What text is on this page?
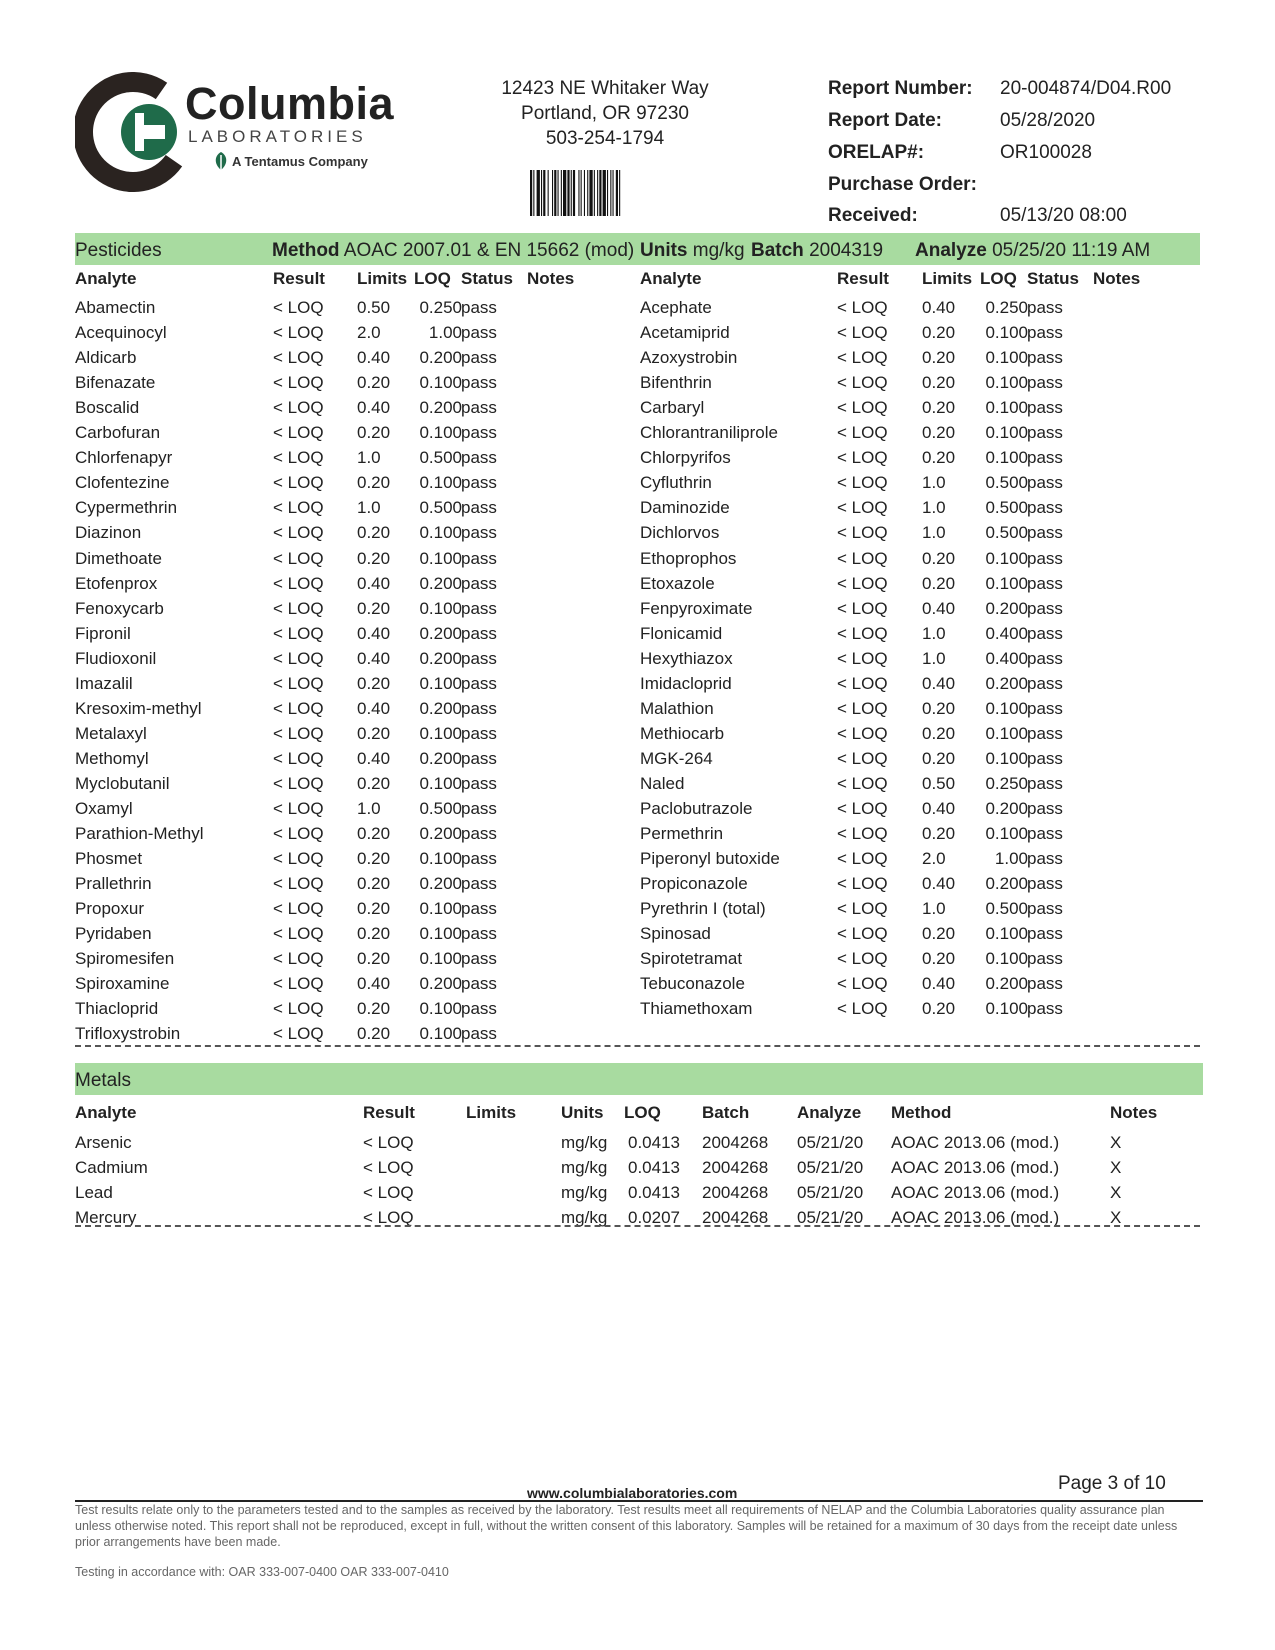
Columbia
LABORATORIES
A Tentamus Company
12423 NE Whitaker Way
Portland, OR 97230
503-254-1794
Report Number: 20-004874/D04.R00
Report Date:	05/28/2020
ORELAP#:	OR100028
Purchase Order:
Received:	05/13/20 08:00
Pesticides	Method AOAC 2007.01 & EN 15662 (mod) Units mg/kg Batch 2004319 Analyze 05/25/20 11:19 AM
Analyte	Result Limits LOQ Status Notes	Analyte	Result Limits LOQ Status Notes
Abamectin	< LOQ 0.50	0.250 pass
Acequinocyl	< LOQ 2.0	1.00 pass
Aldicarb	< LOQ 0.40	0.200 pass
Bifenazate	< LOQ 0.20	0.100 pass
Boscalid	< LOQ 0.40	0.200 pass
Carbofuran	< LOQ 0.20	0.100 pass
Chlorfenapyr	< LOQ 1.0	0.500 pass
Clofentezine	< LOQ 0.20	0.100 pass
Cypermethrin	< LOQ 1.0	0.500 pass
Diazinon	< LOQ 0.20	0.100 pass
Dimethoate	< LOQ 0.20	0.100 pass
Etofenprox	< LOQ 0.40	0.200 pass
Fenoxycarb	< LOQ 0.20	0.100 pass
Fipronil	< LOQ 0.40	0.200 pass
Fludioxonil	< LOQ 0.40	0.200 pass
Imazalil	< LOQ 0.20	0.100 pass
Kresoxim-methyl	< LOQ 0.40	0.200 pass
Metalaxyl	< LOQ 0.20	0.100 pass
Methomyl	< LOQ 0.40	0.200 pass
Myclobutanil	< LOQ 0.20	0.100 pass
Oxamyl	< LOQ 1.0	0.500 pass
Parathion-Methyl	< LOQ 0.20	0.200 pass
Phosmet	< LOQ 0.20	0.100 pass
Prallethrin	< LOQ 0.20	0.200 pass
Propoxur	< LOQ 0.20	0.100 pass
Pyridaben	< LOQ 0.20	0.100 pass
Spiromesifen	< LOQ 0.20	0.100 pass
Spiroxamine	< LOQ 0.40	0.200 pass
Thiacloprid	< LOQ 0.20	0.100 pass
Trifloxystrobin	< LOQ 0.20	0.100 pass
Acephate	< LOQ 0.40	0.250 pass
Acetamiprid	< LOQ 0.20	0.100 pass
Azoxystrobin	< LOQ 0.20	0.100 pass
Bifenthrin	< LOQ 0.20	0.100 pass
Carbaryl	< LOQ 0.20	0.100 pass
Chlorantraniliprole	< LOQ 0.20	0.100 pass
Chlorpyrifos	< LOQ 0.20	0.100 pass
Cyfluthrin	< LOQ 1.0	0.500 pass
Daminozide	< LOQ 1.0	0.500 pass
Dichlorvos	< LOQ 1.0	0.500 pass
Ethoprophos	< LOQ 0.20	0.100 pass
Etoxazole	< LOQ 0.20	0.100 pass
Fenpyroximate	< LOQ 0.40	0.200 pass
Flonicamid	< LOQ 1.0	0.400 pass
Hexythiazox	< LOQ 1.0	0.400 pass
Imidacloprid	< LOQ 0.40	0.200 pass
Malathion	< LOQ 0.20	0.100 pass
Methiocarb	< LOQ 0.20	0.100 pass
MGK-264	< LOQ 0.20	0.100 pass
Naled	< LOQ 0.50	0.250 pass
Paclobutrazole	< LOQ 0.40	0.200 pass
Permethrin	< LOQ 0.20	0.100 pass
Piperonyl butoxide	< LOQ 2.0	1.00 pass
Propiconazole	< LOQ 0.40	0.200 pass
Pyrethrin I (total)	< LOQ 1.0	0.500 pass
Spinosad	< LOQ 0.20	0.100 pass
Spirotetramat	< LOQ 0.20	0.100 pass
Tebuconazole	< LOQ 0.40	0.200 pass
Thiamethoxam	< LOQ 0.20	0.100 pass
Metals
Analyte	Result	Limits	Units LOQ Batch	Analyze Method	Notes
Arsenic	< LOQ	mg/kg 0.0413 2004268 05/21/20 AOAC 2013.06 (mod.)	X
Cadmium	< LOQ	mg/kg 0.0413 2004268 05/21/20 AOAC 2013.06 (mod.)	X
Lead	< LOQ	mg/kg 0.0413 2004268 05/21/20 AOAC 2013.06 (mod.)	X
Mercury	< LOQ	mg/kg 0.0207 2004268 05/21/20 AOAC 2013.06 (mod.)	X
Page 3 of 10
www.columbialaboratories.com
Test results relate only to the parameters tested and to the samples as received by the laboratory. Test results meet all requirements of NELAP and the Columbia Laboratories quality assurance plan unless otherwise noted. This report shall not be reproduced, except in full, without the written consent of this laboratory. Samples will be retained for a maximum of 30 days from the receipt date unless prior arrangements have been made.
Testing in accordance with: OAR 333-007-0400 OAR 333-007-0410
